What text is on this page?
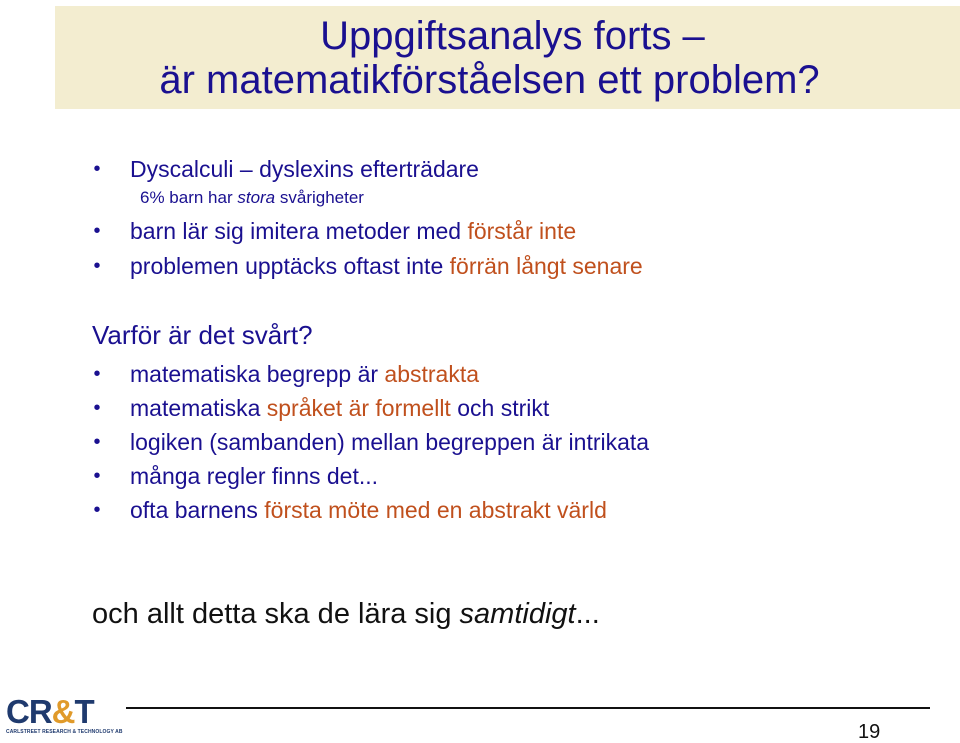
Uppgiftsanalys forts –
är matematikförståelsen ett problem?
• Dyscalculi – dyslexins efterträdare
6% barn har stora svårigheter
• barn lär sig imitera metoder med förstår inte
• problemen upptäcks oftast inte förrän långt senare
Varför är det svårt?
• matematiska begrepp är abstrakta
• matematiska språket är formellt och strikt
• logiken (sambanden) mellan begreppen är intrikata
• många regler finns det...
• ofta barnens första möte med en abstrakt värld
och allt detta ska de lära sig samtidigt...
CR&T
CARLSTREET RESEARCH & TECHNOLOGY AB	19
